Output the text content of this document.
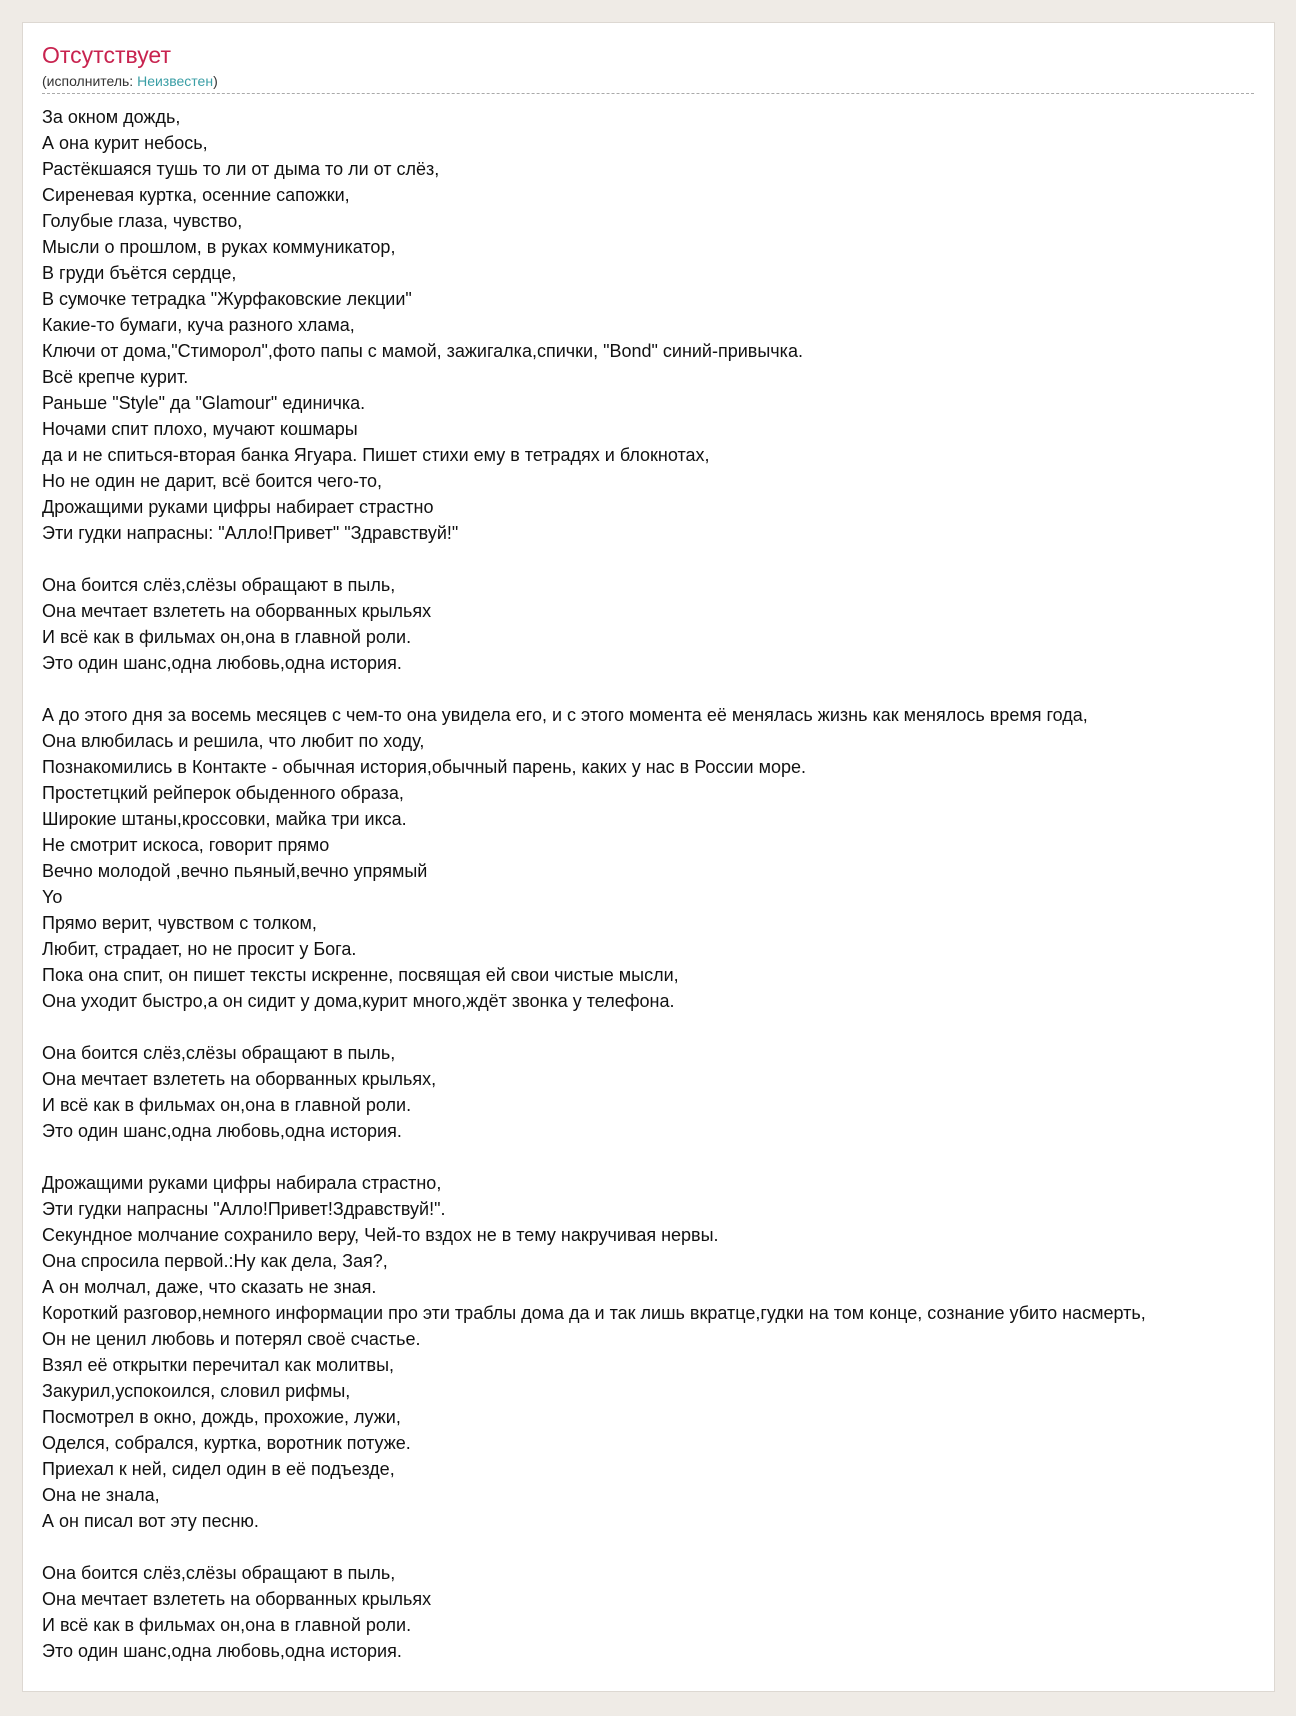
Отсутствует
(исполнитель: Неизвестен)
За окном дождь,
А она курит небось,
Растёкшаяся тушь то ли от дыма то ли от слёз,
Сиреневая куртка, осенние сапожки,
Голубые глаза, чувство,
Мысли о прошлом, в руках коммуникатор,
В груди бъётся сердце,
В сумочке тетрадка "Журфаковские лекции"
Какие-то бумаги, куча разного хлама,
Ключи от дома,"Стиморол",фото папы с мамой, зажигалка,спички, "Bond" синий-привычка.
Всё крепче курит.
Раньше "Style" да "Glamour" единичка.
Ночами спит плохо, мучают кошмары
да и не спиться-вторая банка Ягуара. Пишет стихи ему в тетрадях и блокнотах,
Но не один не дарит, всё боится чего-то,
Дрожащими руками цифры набирает страстно
Эти гудки напрасны: "Алло!Привет" "Здравствуй!"
Она боится слёз,слёзы обращают в пыль,
Она мечтает взлететь на оборванных крыльях
И всё как в фильмах он,она в главной роли.
Это один шанс,одна любовь,одна история.
А до этого дня за восемь месяцев с чем-то она увидела его, и с этого момента её менялась жизнь как менялось время года,
Она влюбилась и решила, что любит по ходу,
Познакомились в Контакте - обычная история,обычный парень, каких у нас в России море.
Простетцкий рейперок обыденного образа,
Широкие штаны,кроссовки, майка три икса.
Не смотрит искоса, говорит прямо
Вечно молодой ,вечно пьяный,вечно упрямый
Yo
Прямо верит, чувством с толком,
Любит, страдает, но не просит у Бога.
Пока она спит, он пишет тексты искренне, посвящая ей свои чистые мысли,
Она уходит быстро,а он сидит у дома,курит много,ждёт звонка у телефона.
Она боится слёз,слёзы обращают в пыль,
Она мечтает взлететь на оборванных крыльях,
И всё как в фильмах он,она в главной роли.
Это один шанс,одна любовь,одна история.
Дрожащими руками цифры набирала страстно,
Эти гудки напрасны "Алло!Привет!Здравствуй!".
Секундное молчание сохранило веру, Чей-то вздох не в тему накручивая нервы.
Она спросила первой.:Ну как дела, Зая?,
А он молчал, даже, что сказать не зная.
Короткий разговор,немного информации про эти траблы дома да и так лишь вкратце,гудки на том конце, сознание убито насмерть,
Он не ценил любовь и потерял своё счастье.
Взял её открытки перечитал как молитвы,
Закурил,успокоился, словил рифмы,
Посмотрел в окно, дождь, прохожие, лужи,
Оделся, собрался, куртка, воротник потуже.
Приехал к ней, сидел один в её подъезде,
Она не знала,
А он писал вот эту песню.
Она боится слёз,слёзы обращают в пыль,
Она мечтает взлететь на оборванных крыльях
И всё как в фильмах он,она в главной роли.
Это один шанс,одна любовь,одна история.
